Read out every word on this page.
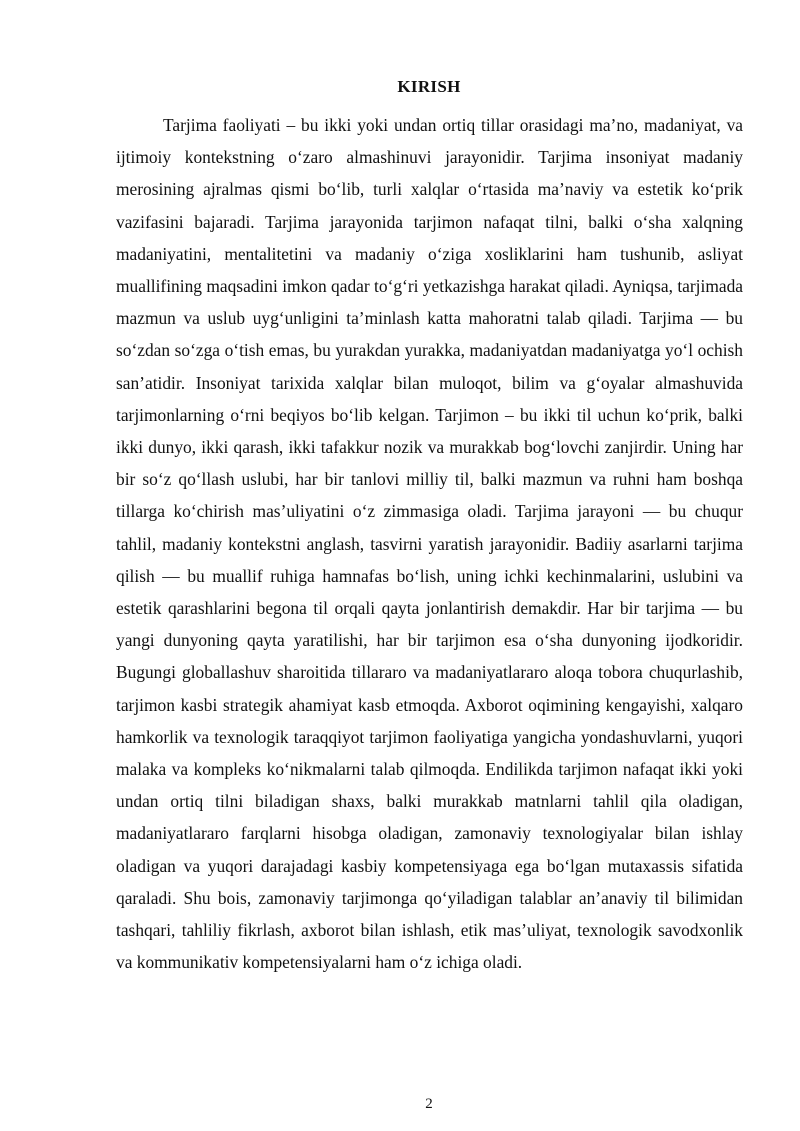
KIRISH

Tarjima faoliyati – bu ikki yoki undan ortiq tillar orasidagi ma’no, madaniyat, va ijtimoiy kontekstning o‘zaro almashinuvi jarayonidir. Tarjima insoniyat madaniy merosining ajralmas qismi bo‘lib, turli xalqlar o‘rtasida ma’naviy va estetik ko‘prik vazifasini bajaradi. Tarjima jarayonida tarjimon nafaqat tilni, balki o‘sha xalqning madaniyatini, mentalitetini va madaniy o‘ziga xosliklarini ham tushunib, asliyat muallifining maqsadini imkon qadar to‘g‘ri yetkazishga harakat qiladi. Ayniqsa, tarjimada mazmun va uslub uyg‘unligini ta’minlash katta mahoratni talab qiladi. Tarjima — bu so‘zdan so‘zga o‘tish emas, bu yurakdan yurakka, madaniyatdan madaniyatga yo‘l ochish san’atidir. Insoniyat tarixida xalqlar bilan muloqot, bilim va g‘oyalar almashuvida tarjimonlarning o‘rni beqiyos bo‘lib kelgan. Tarjimon – bu ikki til uchun ko‘prik, balki ikki dunyo, ikki qarash, ikki tafakkur nozik va murakkab bog‘lovchi zanjirdir. Uning har bir so‘z qo‘llash uslubi, har bir tanlovi milliy til, balki mazmun va ruhni ham boshqa tillarga ko‘chirish mas’uliyatini o‘z zimmasiga oladi. Tarjima jarayoni — bu chuqur tahlil, madaniy kontekstni anglash, tasvirni yaratish jarayonidir. Badiiy asarlarni tarjima qilish — bu muallif ruhiga hamnafas bo‘lish, uning ichki kechinmalarini, uslubini va estetik qarashlarini begona til orqali qayta jonlantirish demakdir. Har bir tarjima — bu yangi dunyoning qayta yaratilishi, har bir tarjimon esa o‘sha dunyoning ijodkoridir. Bugungi globallashuv sharoitida tillararo va madaniyatlararo aloqa tobora chuqurlashib, tarjimon kasbi strategik ahamiyat kasb etmoqda. Axborot oqimining kengayishi, xalqaro hamkorlik va texnologik taraqqiyot tarjimon faoliyatiga yangicha yondashuvlarni, yuqori malaka va kompleks ko‘nikmalarni talab qilmoqda. Endilikda tarjimon nafaqat ikki yoki undan ortiq tilni biladigan shaxs, balki murakkab matnlarni tahlil qila oladigan, madaniyatlararo farqlarni hisobga oladigan, zamonaviy texnologiyalar bilan ishlay oladigan va yuqori darajadagi kasbiy kompetensiyaga ega bo‘lgan mutaxassis sifatida qaraladi. Shu bois, zamonaviy tarjimonga qo‘yiladigan talablar an’anaviy til bilimidan tashqari, tahliliy fikrlash, axborot bilan ishlash, etik mas’uliyat, texnologik savodxonlik va kommunikativ kompetensiyalarni ham o‘z ichiga oladi.

2
